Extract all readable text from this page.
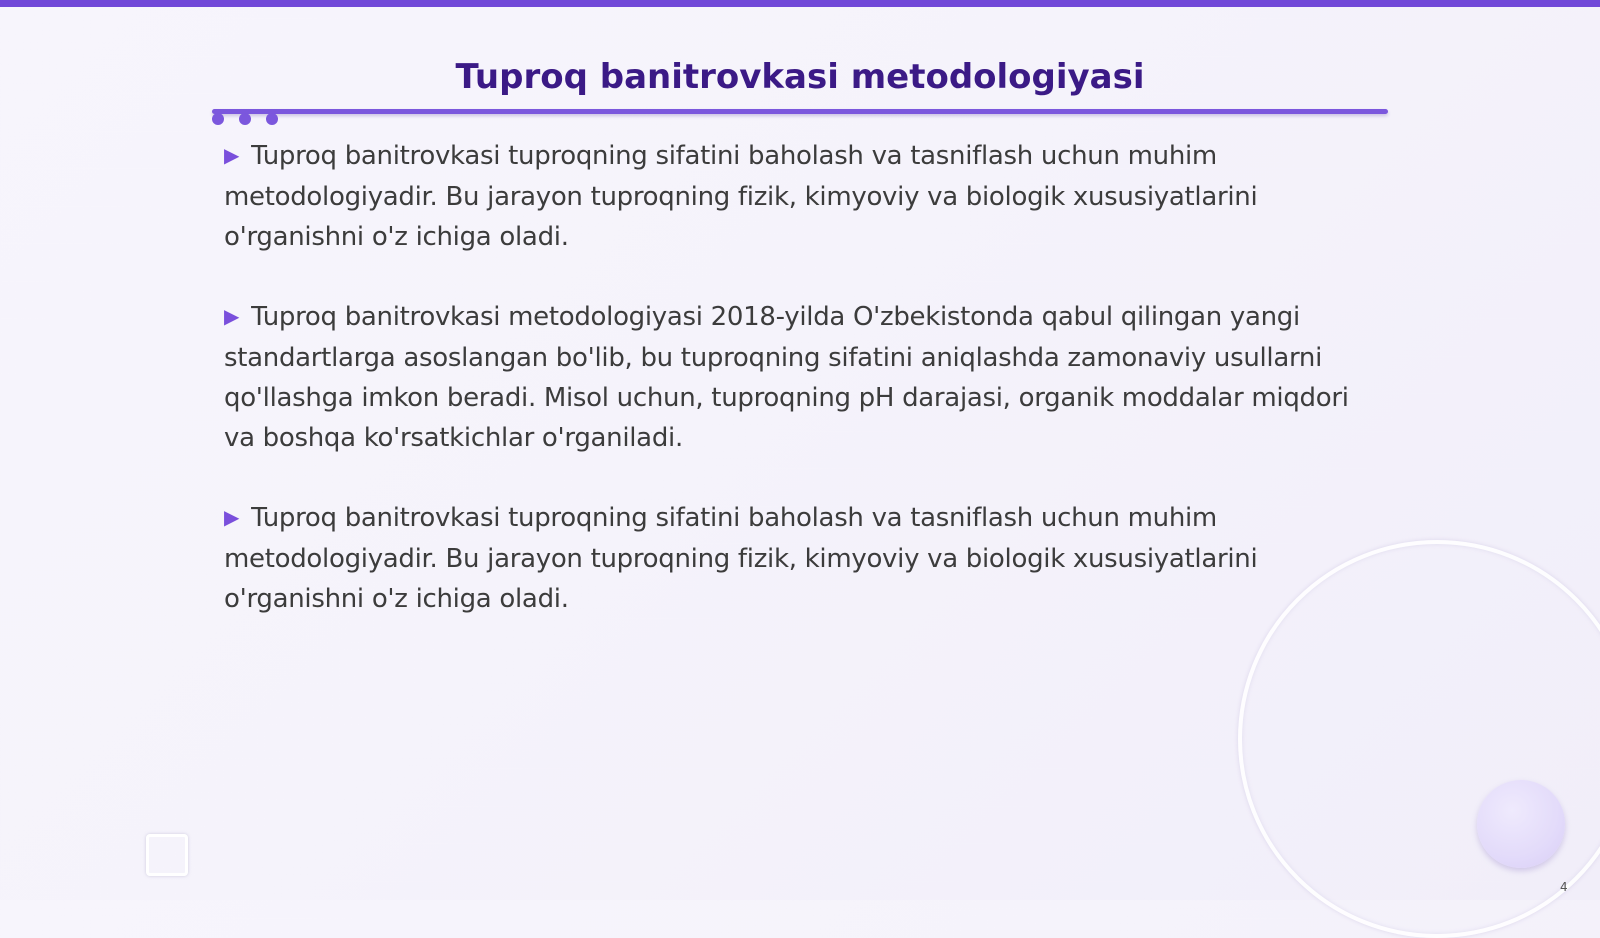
Tuproq banitrovkasi metodologiyasi

▶ Tuproq banitrovkasi tuproqning sifatini baholash va tasniflash uchun muhim metodologiyadir. Bu jarayon tuproqning fizik, kimyoviy va biologik xususiyatlarini o'rganishni o'z ichiga oladi.

▶ Tuproq banitrovkasi metodologiyasi 2018-yilda O'zbekistonda qabul qilingan yangi standartlarga asoslangan bo'lib, bu tuproqning sifatini aniqlashda zamonaviy usullarni qo'llashga imkon beradi. Misol uchun, tuproqning pH darajasi, organik moddalar miqdori va boshqa ko'rsatkichlar o'rganiladi.

▶ Tuproq banitrovkasi tuproqning sifatini baholash va tasniflash uchun muhim metodologiyadir. Bu jarayon tuproqning fizik, kimyoviy va biologik xususiyatlarini o'rganishni o'z ichiga oladi.

4
